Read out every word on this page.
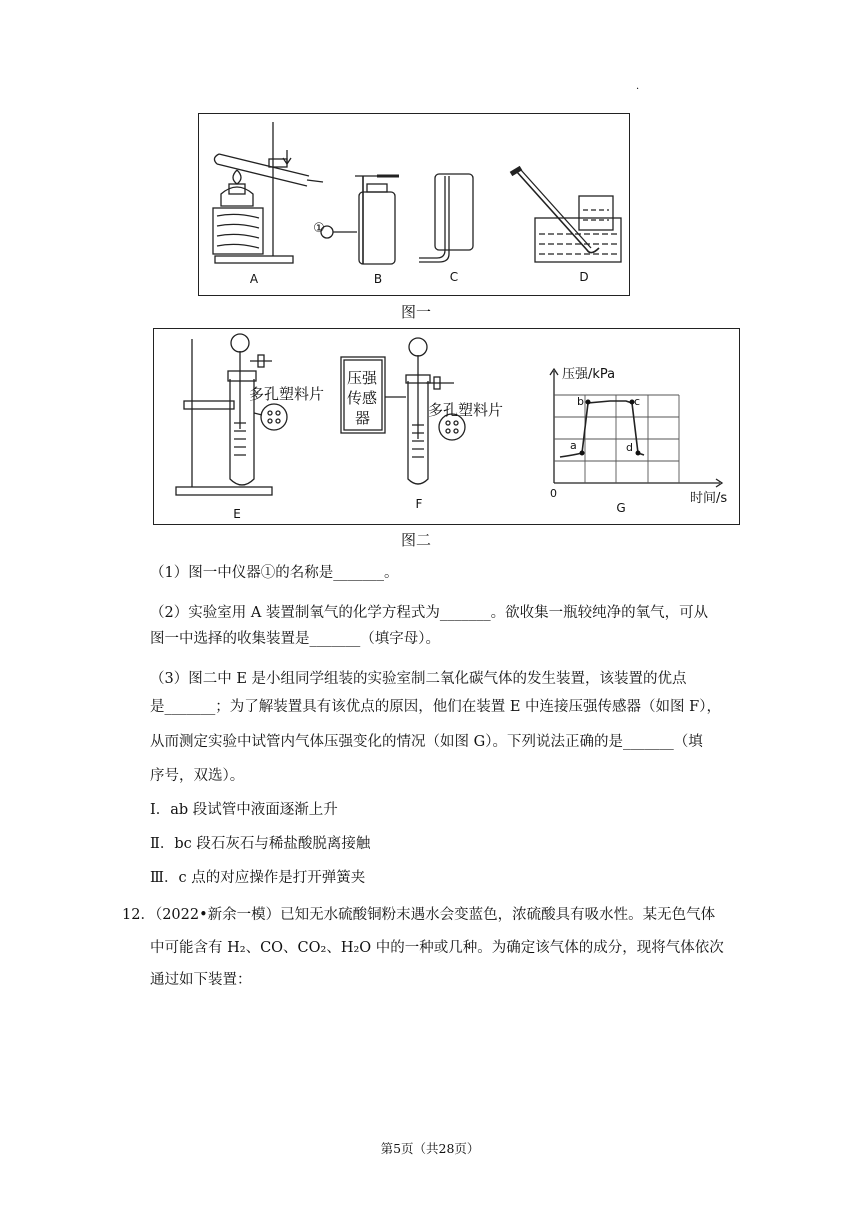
·
A	B	C	D
①
图一
多孔塑料片
多孔塑料片
压强
传感
器
压强/kPa
时间/s
0
a
b	c
d
E
F	G
图二
（1）图一中仪器①的名称是_______。
（2）实验室用 A 装置制氧气的化学方程式为_______。欲收集一瓶较纯净的氧气，可从
图一中选择的收集装置是_______（填字母）。
（3）图二中 E 是小组同学组装的实验室制二氧化碳气体的发生装置，该装置的优点
是_______；为了解装置具有该优点的原因，他们在装置 E 中连接压强传感器（如图 F），
从而测定实验中试管内气体压强变化的情况（如图 G）。下列说法正确的是_______（填
序号，双选）。
Ⅰ．ab 段试管中液面逐渐上升
Ⅱ．bc 段石灰石与稀盐酸脱离接触
Ⅲ．c 点的对应操作是打开弹簧夹
12．（2022•新余一模）已知无水硫酸铜粉末遇水会变蓝色，浓硫酸具有吸水性。某无色气体
中可能含有 H₂、CO、CO₂、H₂O 中的一种或几种。为确定该气体的成分，现将气体依次
通过如下装置：
第5页（共28页）
